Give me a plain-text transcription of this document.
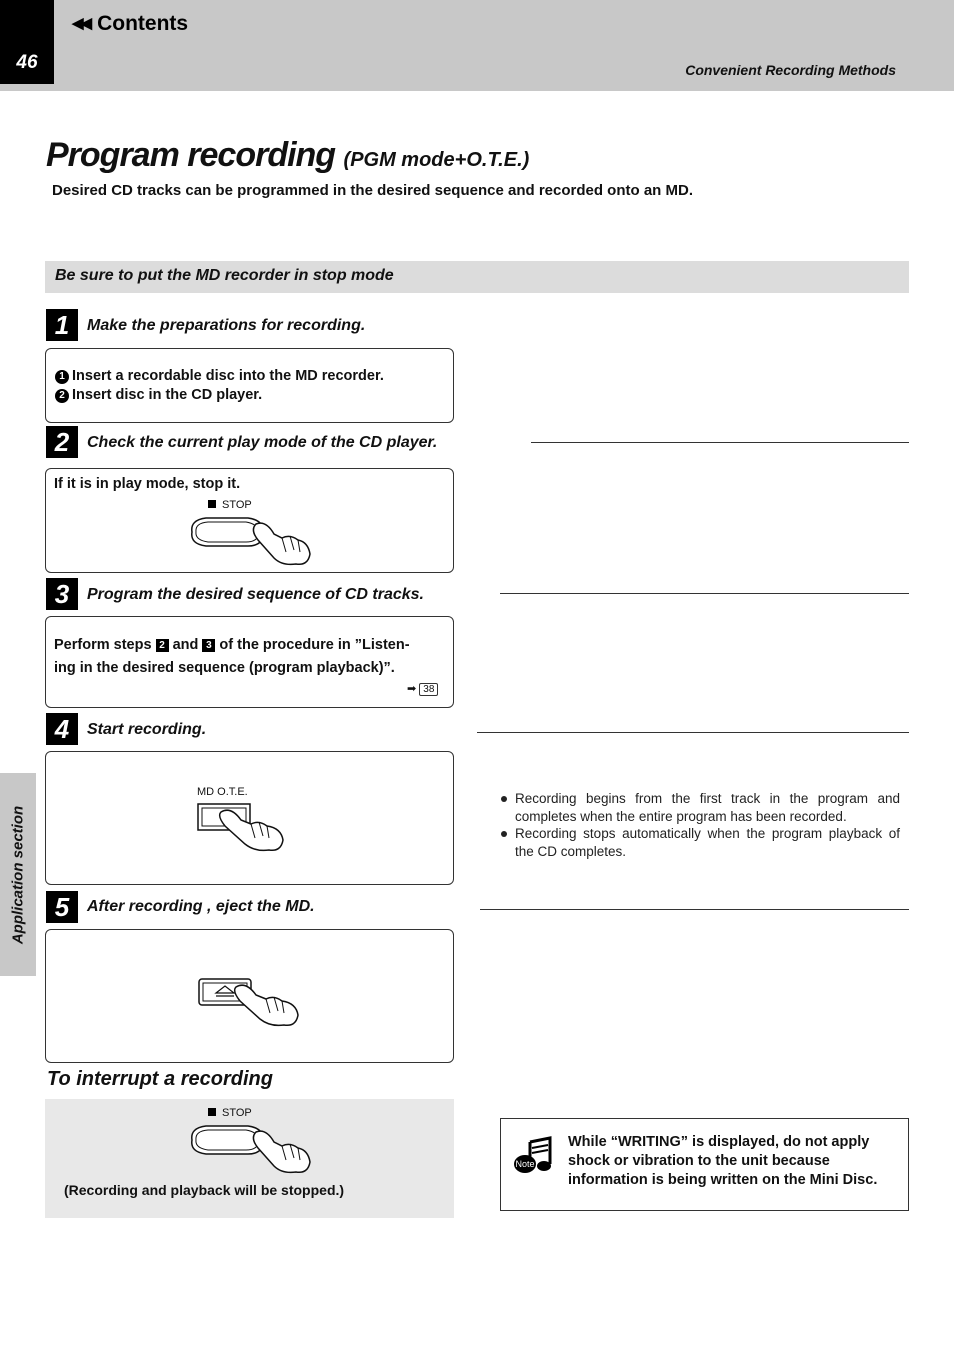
46
◀◀ Contents
Convenient Recording Methods
Program recording (PGM mode+O.T.E.)
Desired CD tracks can be programmed in the desired sequence and recorded onto an MD.
Be sure to put the MD recorder in stop mode
1	Make the preparations for recording.
1 Insert a recordable disc into the MD recorder.
2 Insert disc in the CD player.
2	Check the current play mode of the CD player.
If it is in play mode, stop it.
STOP
3	Program the desired sequence of CD tracks.
Perform steps 2 and 3 of the procedure in ”Listen-
ing in the desired sequence (program playback)”.
➡ 38
4	Start recording.
MD O.T.E.
5	After recording , eject the MD.
Recording begins from the first track in the program and completes when the entire program has been recorded.
Recording stops automatically when the program playback of the CD completes.
To interrupt a recording
STOP
(Recording and playback will be stopped.)
Note
While “WRITING” is displayed, do not apply shock or vibration to the unit because information is being written on the Mini Disc.
Application section
